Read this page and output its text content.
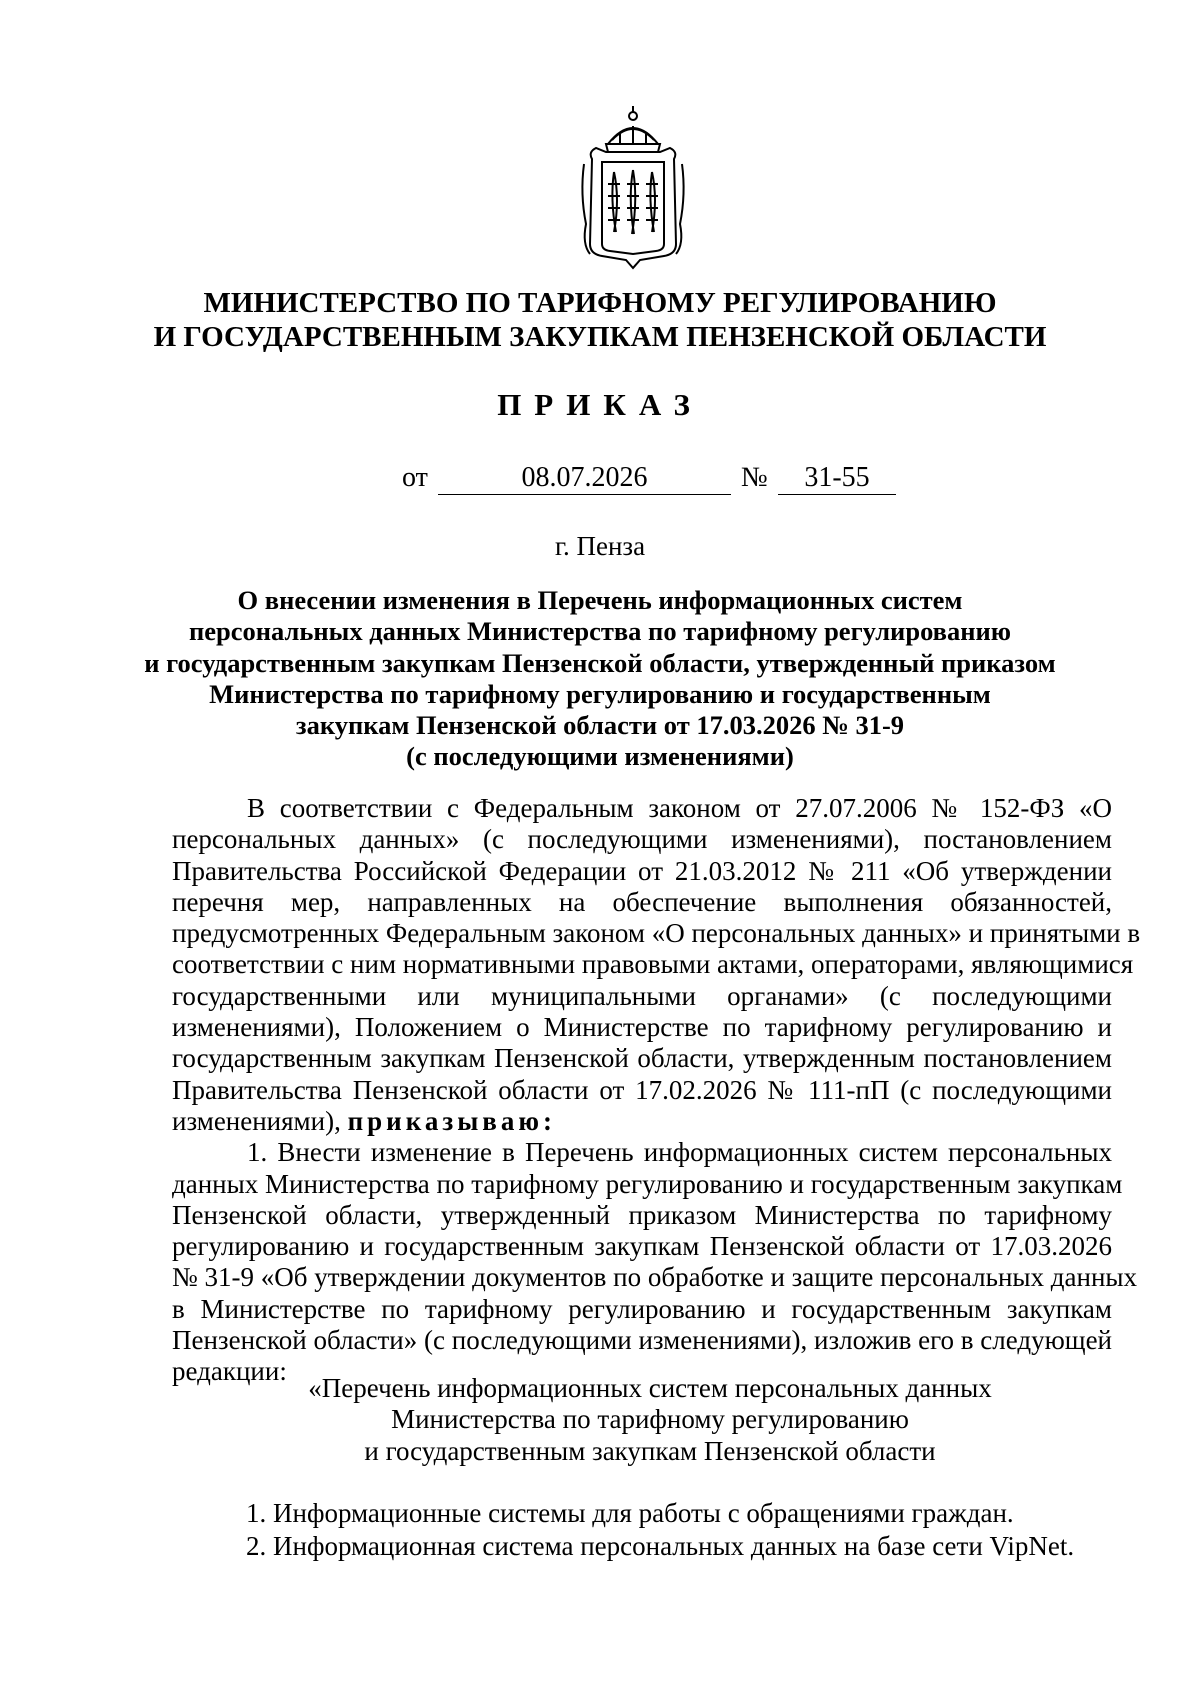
МИНИСТЕРСТВО ПО ТАРИФНОМУ РЕГУЛИРОВАНИЮ
И ГОСУДАРСТВЕННЫМ ЗАКУПКАМ ПЕНЗЕНСКОЙ ОБЛАСТИ
ПРИКАЗ
от	08.07.2026	№	31-55
г. Пенза
О внесении изменения в Перечень информационных систем
персональных данных Министерства по тарифному регулированию
и государственным закупкам Пензенской области, утвержденный приказом
Министерства по тарифному регулированию и государственным
закупкам Пензенской области от 17.03.2026 № 31-9
(с последующими изменениями)
В соответствии с Федеральным законом от 27.07.2006 № 152-ФЗ «О
персональных данных» (с последующими изменениями), постановлением
Правительства Российской Федерации от 21.03.2012 № 211 «Об утверждении
перечня мер, направленных на обеспечение выполнения обязанностей,
предусмотренных Федеральным законом «О персональных данных» и принятыми в
соответствии с ним нормативными правовыми актами, операторами, являющимися
государственными или муниципальными органами» (с последующими
изменениями), Положением о Министерстве по тарифному регулированию и
государственным закупкам Пензенской области, утвержденным постановлением
Правительства Пензенской области от 17.02.2026 № 111-пП (с последующими
изменениями), приказываю:
1. Внести изменение в Перечень информационных систем персональных
данных Министерства по тарифному регулированию и государственным закупкам
Пензенской области, утвержденный приказом Министерства по тарифному
регулированию и государственным закупкам Пензенской области от 17.03.2026
№ 31-9 «Об утверждении документов по обработке и защите персональных данных
в Министерстве по тарифному регулированию и государственным закупкам
Пензенской области» (с последующими изменениями), изложив его в следующей
редакции:
«Перечень информационных систем персональных данных
Министерства по тарифному регулированию
и государственным закупкам Пензенской области
1. Информационные системы для работы с обращениями граждан.
2. Информационная система персональных данных на базе сети VipNet.
